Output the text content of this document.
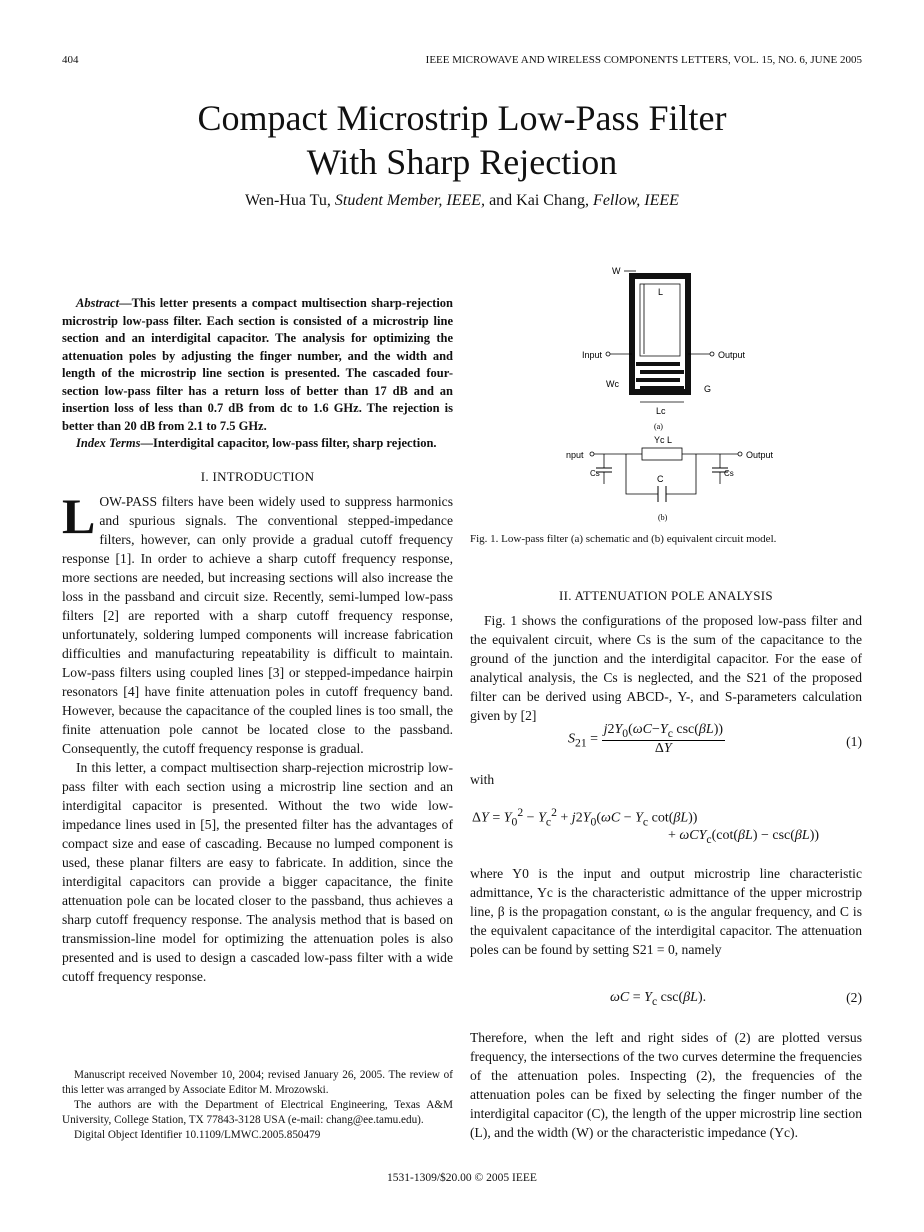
404	IEEE MICROWAVE AND WIRELESS COMPONENTS LETTERS, VOL. 15, NO. 6, JUNE 2005
Compact Microstrip Low-Pass Filter
With Sharp Rejection
Wen-Hua Tu, Student Member, IEEE, and Kai Chang, Fellow, IEEE

Abstract—This letter presents a compact multisection sharp-rejection microstrip low-pass filter. Each section is consisted of a microstrip line section and an interdigital capacitor. The analysis for optimizing the attenuation poles by adjusting the finger number, and the width and length of the microstrip line section is presented. The cascaded four-section low-pass filter has a return loss of better than 17 dB and an insertion loss of less than 0.7 dB from dc to 1.6 GHz. The rejection is better than 20 dB from 2.1 to 7.5 GHz.

Index Terms—Interdigital capacitor, low-pass filter, sharp rejection.

I. INTRODUCTION

LOW-PASS filters have been widely used to suppress harmonics and spurious signals. The conventional stepped-impedance filters, however, can only provide a gradual cutoff frequency response [1]. In order to achieve a sharp cutoff frequency response, more sections are needed, but increasing sections will also increase the loss in the passband and circuit size. Recently, semi-lumped low-pass filters [2] are reported with a sharp cutoff frequency response, unfortunately, soldering lumped components will increase fabrication difficulties and manufacturing repeatability is difficult to maintain. Low-pass filters using coupled lines [3] or stepped-impedance hairpin resonators [4] have finite attenuation poles in cutoff frequency band. However, because the capacitance of the coupled lines is too small, the finite attenuation pole cannot be located close to the passband. Consequently, the cutoff frequency response is gradual.

In this letter, a compact multisection sharp-rejection microstrip low-pass filter with each section using a microstrip line section and an interdigital capacitor is presented. Without the two wide low-impedance lines used in [5], the presented filter has the advantages of compact size and ease of cascading. Because no lumped component is used, these planar filters are easy to fabricate. In addition, since the interdigital capacitors can provide a bigger capacitance, the finite attenuation pole can be located closer to the passband, thus achieves a sharp cutoff frequency response. The analysis method that is based on transmission-line model for optimizing the attenuation poles is also presented and is used to design a cascaded low-pass filter with a wide cutoff frequency response.

Manuscript received November 10, 2004; revised January 26, 2005. The review of this letter was arranged by Associate Editor M. Mrozowski.

The authors are with the Department of Electrical Engineering, Texas A&M University, College Station, TX 77843-3128 USA (e-mail: chang@ee.tamu.edu).

Digital Object Identifier 10.1109/LMWC.2005.850479

W
L
Input	Output
Wc	G
Lc
(a)
Yc L
nput	Output
Cs	Cs
C
(b)
Fig. 1. Low-pass filter (a) schematic and (b) equivalent circuit model.
II. ATTENUATION POLE ANALYSIS

Fig. 1 shows the configurations of the proposed low-pass filter and the equivalent circuit, where Cs is the sum of the capacitance to the ground of the junction and the interdigital capacitor. For the ease of analytical analysis, the Cs is neglected, and the S21 of the proposed filter can be derived using ABCD-, Y-, and S-parameters calculation given by [2]

$S_{21}$ =
$j2Y_0(\omega C-Y_c$ csc(βL))
ΔY	(1)
with
$\Delta Y = Y_0^2 - Y_c^2 + j2Y_0(\omega C - Y_c$ cot(βL))
+ ωCY$_c$(cot(βL) − csc(βL))

where Y0 is the input and output microstrip line characteristic admittance, Yc is the characteristic admittance of the upper microstrip line, β is the propagation constant, ω is the angular frequency, and C is the equivalent capacitance of the interdigital capacitor. The attenuation poles can be found by setting S21 = 0, namely

$\omega C = Y_c$ csc(βL).	(2)

Therefore, when the left and right sides of (2) are plotted versus frequency, the intersections of the two curves determine the frequencies of the attenuation poles. Inspecting (2), the frequencies of the attenuation poles can be fixed by selecting the finger number of the interdigital capacitor (C), the length of the upper microstrip line section (L), and the width (W) or the characteristic impedance (Yc).

1531-1309/$20.00 © 2005 IEEE
